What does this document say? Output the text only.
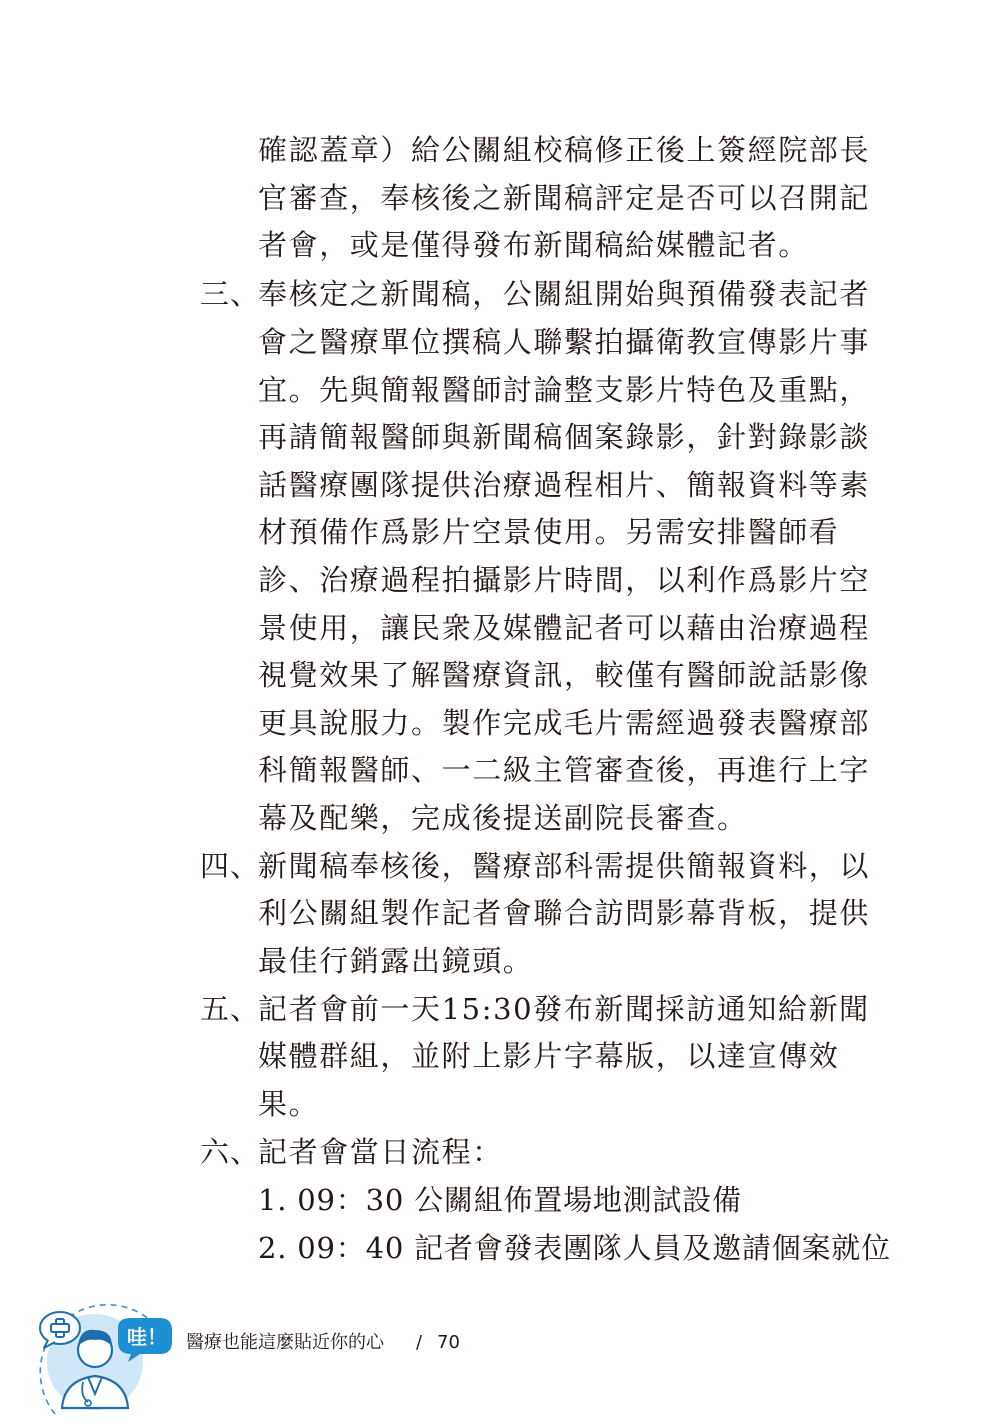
確認蓋章）給公關組校稿修正後上簽經院部長
官審查，奉核後之新聞稿評定是否可以召開記
者會，或是僅得發布新聞稿給媒體記者。
三、
奉核定之新聞稿，公關組開始與預備發表記者
會之醫療單位撰稿人聯繫拍攝衛教宣傳影片事
宜。先與簡報醫師討論整支影片特色及重點，
再請簡報醫師與新聞稿個案錄影，針對錄影談
話醫療團隊提供治療過程相片、簡報資料等素
材預備作爲影片空景使用。另需安排醫師看
診、治療過程拍攝影片時間，以利作爲影片空
景使用，讓民衆及媒體記者可以藉由治療過程
視覺效果了解醫療資訊，較僅有醫師說話影像
更具說服力。製作完成毛片需經過發表醫療部
科簡報醫師、一二級主管審查後，再進行上字
幕及配樂，完成後提送副院長審查。
四、
新聞稿奉核後，醫療部科需提供簡報資料，以
利公關組製作記者會聯合訪問影幕背板，提供
最佳行銷露出鏡頭。
五、
記者會前一天15:30發布新聞採訪通知給新聞
媒體群組，並附上影片字幕版，以達宣傳效
果。
六、
記者會當日流程：
1. 09：30 公關組佈置場地測試設備
2. 09：40 記者會發表團隊人員及邀請個案就位
哇！ 醫療也能這麼貼近你的心 / 70
